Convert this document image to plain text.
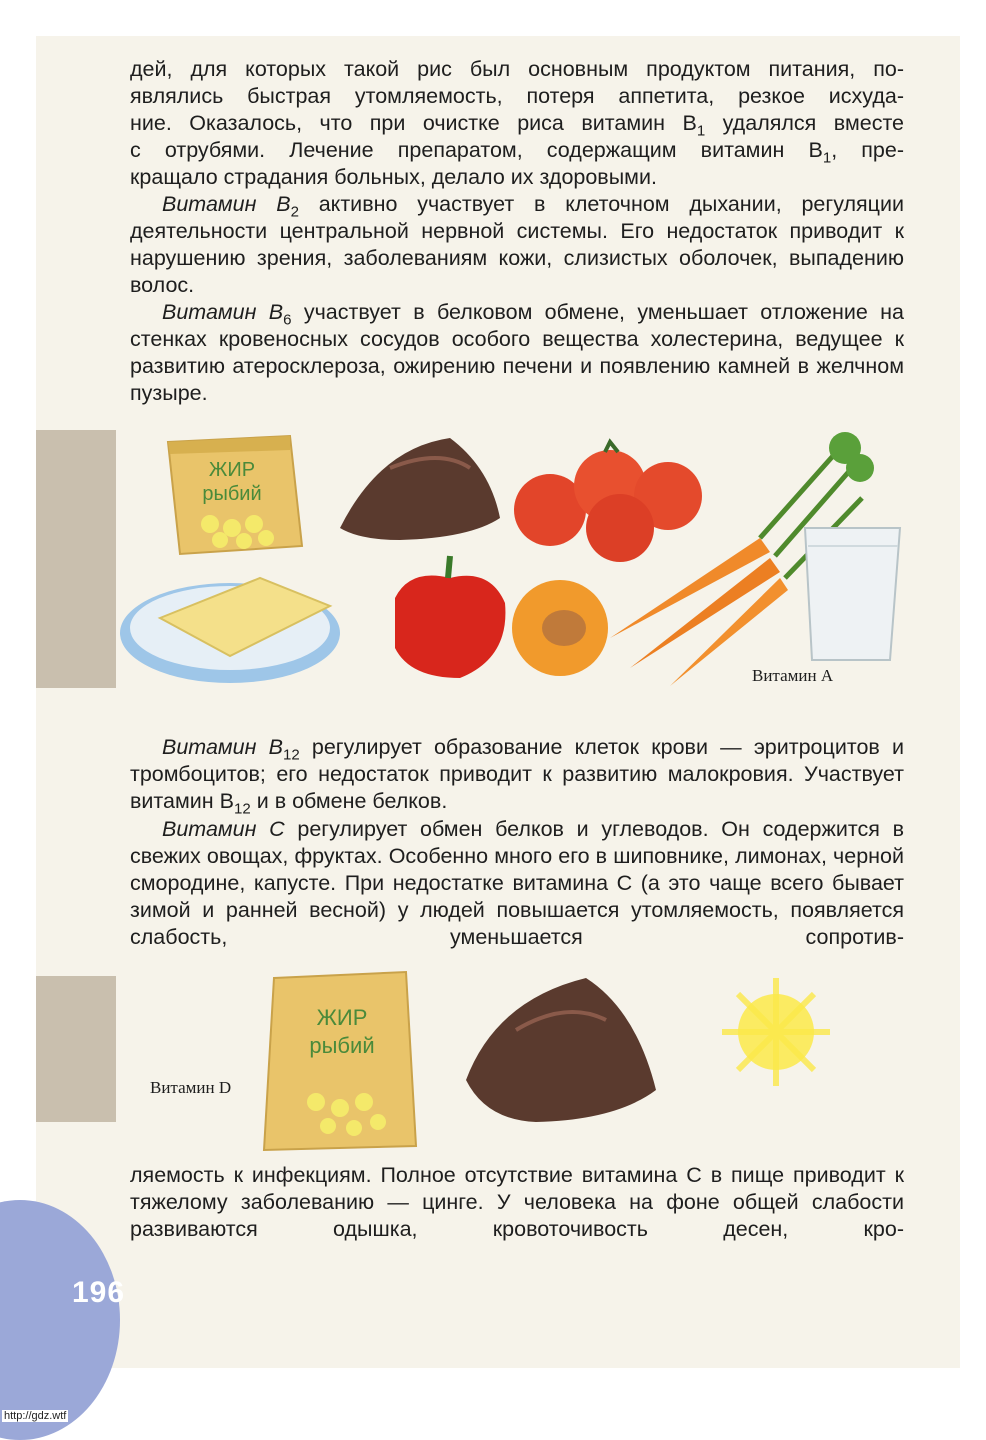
дей, для которых такой рис был основным продуктом питания, по-

являлись быстрая утомляемость, потеря аппетита, резкое исхуда-

ние. Оказалось, что при очистке риса витамин $В_1$ удалялся вместе

с отрубями. Лечение препаратом, содержащим витамин $В_1$, пре-

кращало страдания больных, делало их здоровыми.

Витамин $В_2$ активно участвует в клеточном дыхании, регуляции деятельности центральной нервной системы. Его недостаток приводит к нарушению зрения, заболеваниям кожи, слизистых оболочек, выпадению волос.

Витамин $В_6$ участвует в белковом обмене, уменьшает отложение на стенках кровеносных сосудов особого вещества холестерина, ведущее к развитию атеросклероза, ожирению печени и появлению камней в желчном пузыре.

ЖИР
рыбий
Витамин А

Витамин $В_{12}$ регулирует образование клеток крови — эритроцитов и тромбоцитов; его недостаток приводит к развитию малокровия. Участвует витамин $В_{12}$ и в обмене белков.

Витамин С регулирует обмен белков и углеводов. Он содержится в свежих овощах, фруктах. Особенно много его в шиповнике, лимонах, черной смородине, капусте. При недостатке витамина С (а это чаще всего бывает зимой и ранней весной) у людей повышается утомляемость, появляется слабость, уменьшается сопротив-

ЖИР
рыбий
Витамин D

ляемость к инфекциям. Полное отсутствие витамина С в пище приводит к тяжелому заболеванию — цинге. У человека на фоне общей слабости развиваются одышка, кровоточивость десен, кро-

196
http://gdz.wtf
